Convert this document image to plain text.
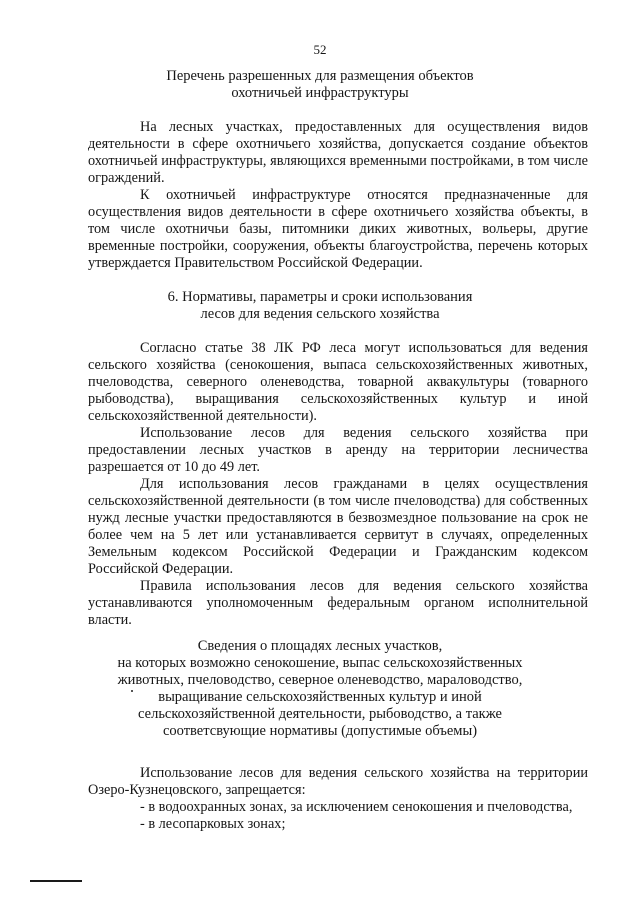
52
Перечень разрешенных для размещения объектов
охотничьей инфраструктуры

На лесных участках, предоставленных для осуществления видов деятельности в сфере охотничьего хозяйства, допускается создание объектов охотничьей инфраструктуры, являющихся временными постройками, в том числе ограждений.

К охотничьей инфраструктуре относятся предназначенные для осуществления видов деятельности в сфере охотничьего хозяйства объекты, в том числе охотничьи базы, питомники диких животных, вольеры, другие временные постройки, сооружения, объекты благоустройства, перечень которых утверждается Правительством Российской Федерации.

6. Нормативы, параметры и сроки использования
лесов для ведения сельского хозяйства

Согласно статье 38 ЛК РФ леса могут использоваться для ведения сельского хозяйства (сенокошения, выпаса сельскохозяйственных животных, пчеловодства, северного оленеводства, товарной аквакультуры (товарного рыбоводства), выращивания сельскохозяйственных культур и иной сельскохозяйственной деятельности).

Использование лесов для ведения сельского хозяйства при предоставлении лесных участков в аренду на территории лесничества разрешается от 10 до 49 лет.

Для использования лесов гражданами в целях осуществления сельскохозяйственной деятельности (в том числе пчеловодства) для собственных нужд лесные участки предоставляются в безвозмездное пользование на срок не более чем на 5 лет или устанавливается сервитут в случаях, определенных Земельным кодексом Российской Федерации и Гражданским кодексом Российской Федерации.

Правила использования лесов для ведения сельского хозяйства устанавливаются уполномоченным федеральным органом исполнительной власти.

Сведения о площадях лесных участков,
на которых возможно сенокошение, выпас сельскохозяйственных
животных, пчеловодство, северное оленеводство, мараловодство,
выращивание сельскохозяйственных культур и иной
сельскохозяйственной деятельности, рыбоводство, а также
соответсвующие нормативы (допустимые объемы)

Использование лесов для ведения сельского хозяйства на территории Озеро-Кузнецовского, запрещается:

- в водоохранных зонах, за исключением сенокошения и пчеловодства,

- в лесопарковых зонах;
